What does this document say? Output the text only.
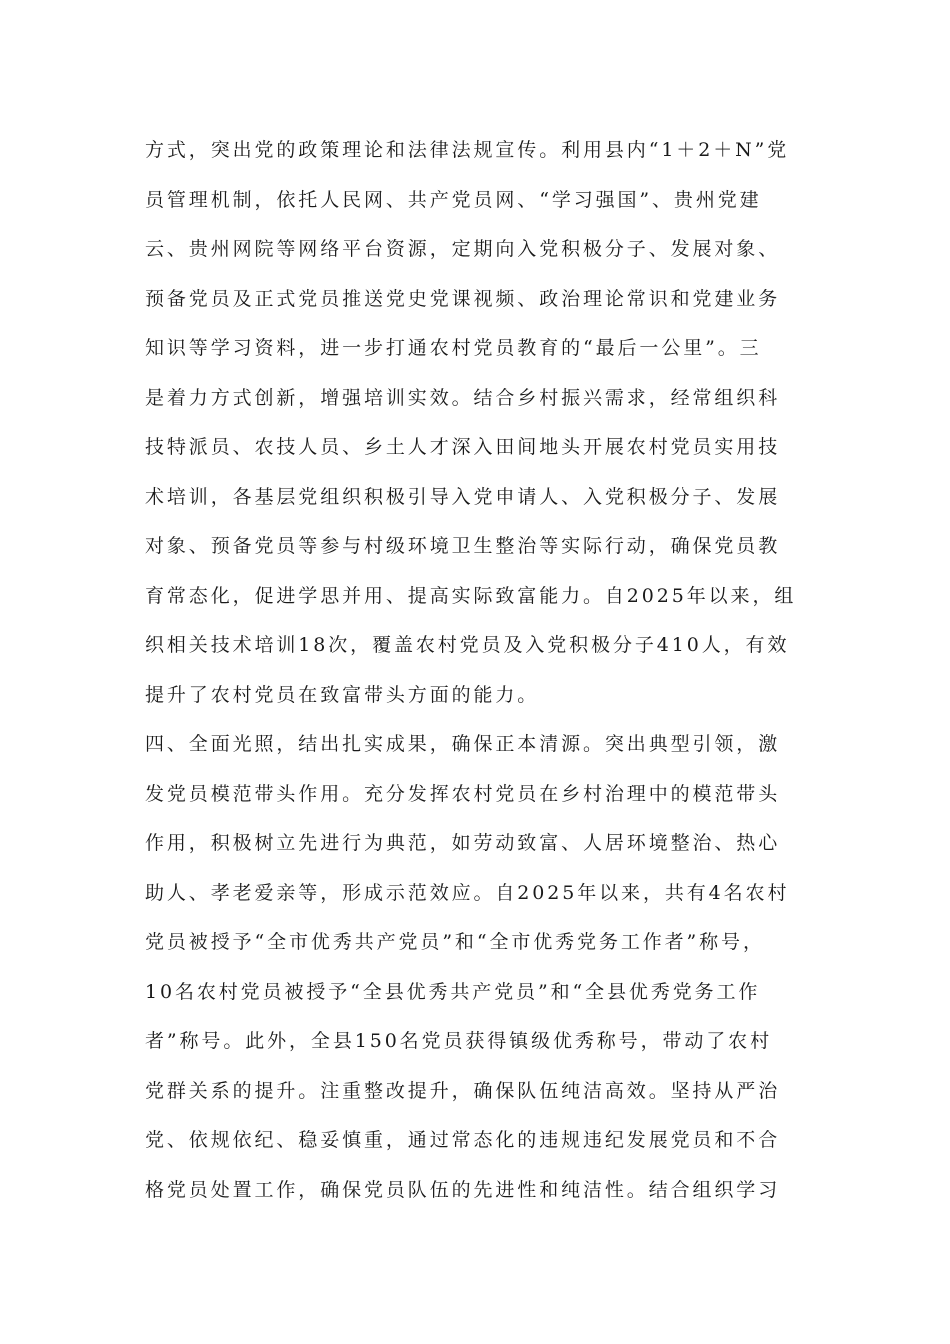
方式，突出党的政策理论和法律法规宣传。利用县内“1＋2＋N”党
员管理机制，依托人民网、共产党员网、“学习强国”、贵州党建
云、贵州网院等网络平台资源，定期向入党积极分子、发展对象、
预备党员及正式党员推送党史党课视频、政治理论常识和党建业务
知识等学习资料，进一步打通农村党员教育的“最后一公里”。三
是着力方式创新，增强培训实效。结合乡村振兴需求，经常组织科
技特派员、农技人员、乡土人才深入田间地头开展农村党员实用技
术培训，各基层党组织积极引导入党申请人、入党积极分子、发展
对象、预备党员等参与村级环境卫生整治等实际行动，确保党员教
育常态化，促进学思并用、提高实际致富能力。自2025年以来，组
织相关技术培训18次，覆盖农村党员及入党积极分子410人，有效
提升了农村党员在致富带头方面的能力。
四、全面光照，结出扎实成果，确保正本清源。突出典型引领，激
发党员模范带头作用。充分发挥农村党员在乡村治理中的模范带头
作用，积极树立先进行为典范，如劳动致富、人居环境整治、热心
助人、孝老爱亲等，形成示范效应。自2025年以来，共有4名农村
党员被授予“全市优秀共产党员”和“全市优秀党务工作者”称号，
10名农村党员被授予“全县优秀共产党员”和“全县优秀党务工作
者”称号。此外，全县150名党员获得镇级优秀称号，带动了农村
党群关系的提升。注重整改提升，确保队伍纯洁高效。坚持从严治
党、依规依纪、稳妥慎重，通过常态化的违规违纪发展党员和不合
格党员处置工作，确保党员队伍的先进性和纯洁性。结合组织学习
